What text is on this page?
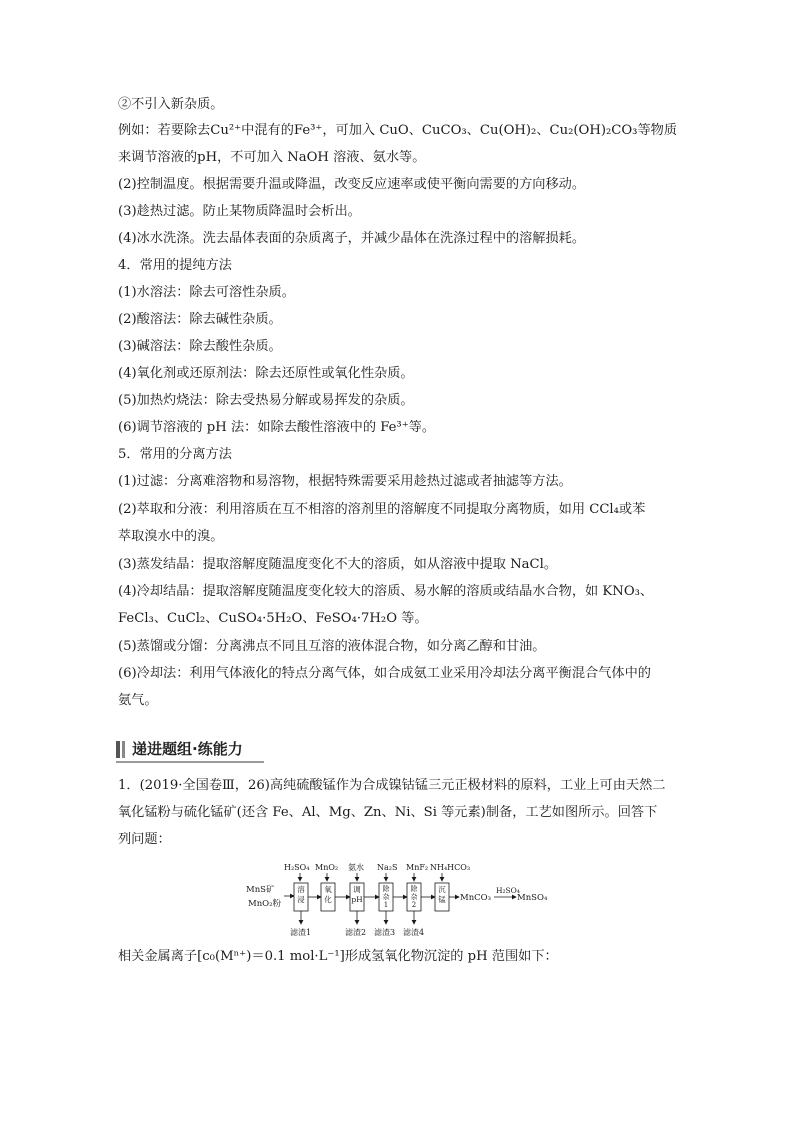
②不引入新杂质。
例如：若要除去Cu²⁺中混有的Fe³⁺，可加入 CuO、CuCO₃、Cu(OH)₂、Cu₂(OH)₂CO₃等物质
来调节溶液的pH，不可加入 NaOH 溶液、氨水等。
(2)控制温度。根据需要升温或降温，改变反应速率或使平衡向需要的方向移动。
(3)趁热过滤。防止某物质降温时会析出。
(4)冰水洗涤。洗去晶体表面的杂质离子，并减少晶体在洗涤过程中的溶解损耗。
4．常用的提纯方法
(1)水溶法：除去可溶性杂质。
(2)酸溶法：除去碱性杂质。
(3)碱溶法：除去酸性杂质。
(4)氧化剂或还原剂法：除去还原性或氧化性杂质。
(5)加热灼烧法：除去受热易分解或易挥发的杂质。
(6)调节溶液的 pH 法：如除去酸性溶液中的 Fe³⁺等。
5．常用的分离方法
(1)过滤：分离难溶物和易溶物，根据特殊需要采用趁热过滤或者抽滤等方法。
(2)萃取和分液：利用溶质在互不相溶的溶剂里的溶解度不同提取分离物质，如用 CCl₄或苯
萃取溴水中的溴。
(3)蒸发结晶：提取溶解度随温度变化不大的溶质，如从溶液中提取 NaCl。
(4)冷却结晶：提取溶解度随温度变化较大的溶质、易水解的溶质或结晶水合物，如 KNO₃、
FeCl₃、CuCl₂、CuSO₄·5H₂O、FeSO₄·7H₂O 等。
(5)蒸馏或分馏：分离沸点不同且互溶的液体混合物，如分离乙醇和甘油。
(6)冷却法：利用气体液化的特点分离气体，如合成氨工业采用冷却法分离平衡混合气体中的
氨气。
递进题组·练能力
1．(2019·全国卷Ⅲ，26)高纯硫酸锰作为合成镍钴锰三元正极材料的原料，工业上可由天然二
氧化锰粉与硫化锰矿(还含 Fe、Al、Mg、Zn、Ni、Si 等元素)制备，工艺如图所示。回答下
列问题：
MnS矿
MnO₂粉
H₂SO₄ MnO₂ 氨水 Na₂S MnF₂ NH₄HCO₃
溶浸
氧化
调 pH
除杂 1
除杂 2
沉锰 MnCO₃
H₂SO₄
MnSO₄
滤渣1	滤渣2 滤渣3 滤渣4
相关金属离子[c₀(Mⁿ⁺)＝0.1 mol·L⁻¹]形成氢氧化物沉淀的 pH 范围如下：
